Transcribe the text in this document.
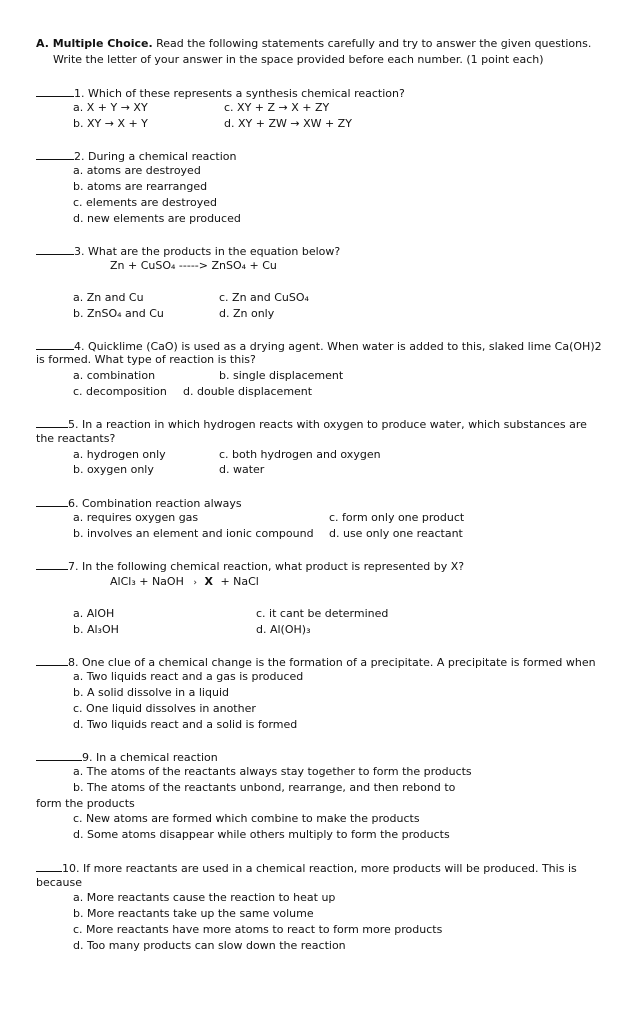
A. Multiple Choice. Read the following statements carefully and try to answer the given questions.
Write the letter of your answer in the space provided before each number. (1 point each)
1. Which of these represents a synthesis chemical reaction?
a. X + Y → XY
b. XY → X + Y
c. XY + Z → X + ZY
d. XY + ZW → XW + ZY
2. During a chemical reaction
a. atoms are destroyed
b. atoms are rearranged
c. elements are destroyed
d. new elements are produced
3. What are the products in the equation below?
Zn + CuSO₄ -----> ZnSO₄ + Cu
a. Zn and Cu
b. ZnSO₄ and Cu
c. Zn and CuSO₄
d. Zn only
4. Quicklime (CaO) is used as a drying agent. When water is added to this, slaked lime Ca(OH)2
is formed. What type of reaction is this?
a. combination	b. single displacement
c. decomposition d. double displacement
5. In a reaction in which hydrogen reacts with oxygen to produce water, which substances are
the reactants?
a. hydrogen only
b. oxygen only
c. both hydrogen and oxygen
d. water
6. Combination reaction always
a. requires oxygen gas
b. involves an element and ionic compound
c. form only one product
d. use only one reactant
7. In the following chemical reaction, what product is represented by X?
AlCl₃ + NaOH › X + NaCl
a. AlOH
b. Al₃OH
c. it cant be determined
d. Al(OH)₃
8. One clue of a chemical change is the formation of a precipitate. A precipitate is formed when
a. Two liquids react and a gas is produced
b. A solid dissolve in a liquid
c. One liquid dissolves in another
d. Two liquids react and a solid is formed
9. In a chemical reaction
a. The atoms of the reactants always stay together to form the products
b. The atoms of the reactants unbond, rearrange, and then rebond to
form the products
c. New atoms are formed which combine to make the products
d. Some atoms disappear while others multiply to form the products
10. If more reactants are used in a chemical reaction, more products will be produced. This is
because
a. More reactants cause the reaction to heat up
b. More reactants take up the same volume
c. More reactants have more atoms to react to form more products
d. Too many products can slow down the reaction
